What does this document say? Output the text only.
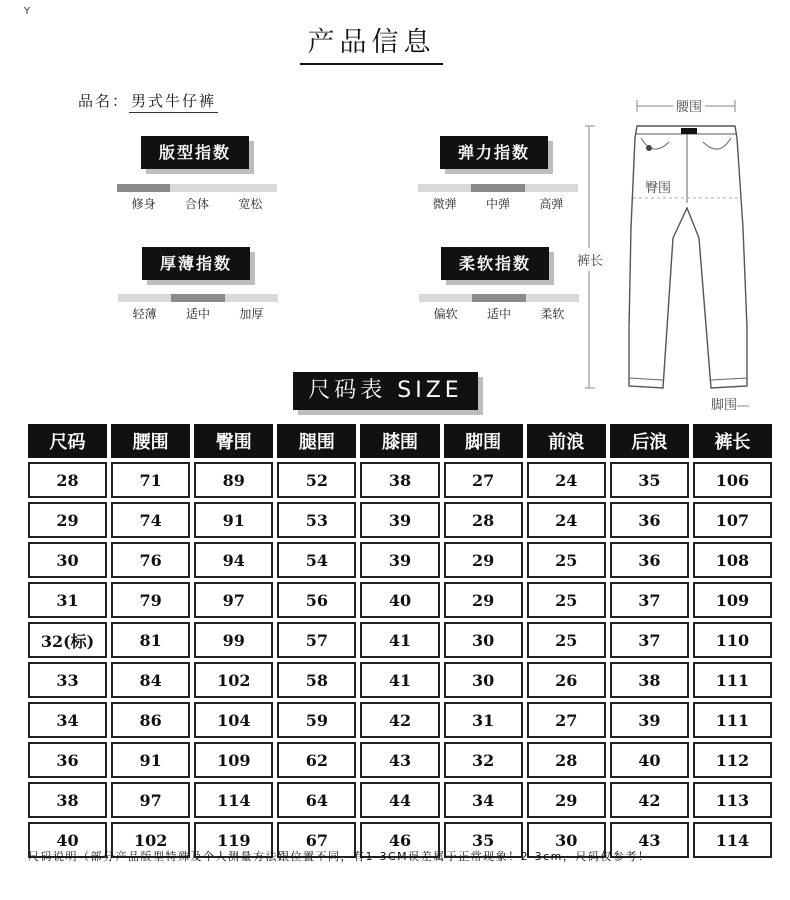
Y
产品信息
品名： 男式牛仔裤
版型指数
修身	合体	宽松
弹力指数
微弹	中弹	高弹
厚薄指数
轻薄	适中	加厚
柔软指数
偏软	适中	柔软
腰围
臀围
裤长
脚围
尺码表 SIZE
尺码	腰围	臀围	腿围	膝围	脚围	前浪	后浪	裤长
28	71	89	52	38	27	24	35	106
29	74	91	53	39	28	24	36	107
30	76	94	54	39	29	25	36	108
31	79	97	56	40	29	25	37	109
32(标)	81	99	57	41	30	25	37	110
33	84	102	58	41	30	26	38	111
34	86	104	59	42	31	27	39	111
36	91	109	62	43	32	28	40	112
38	97	114	64	44	34	29	42	113
40	102	119	67	46	35	30	43	114
尺码说明（部分产品版型特殊及个人测量方法跟位置不同，有1-3CM误差属于正常现象！2-3cm，尺码仅参考！
